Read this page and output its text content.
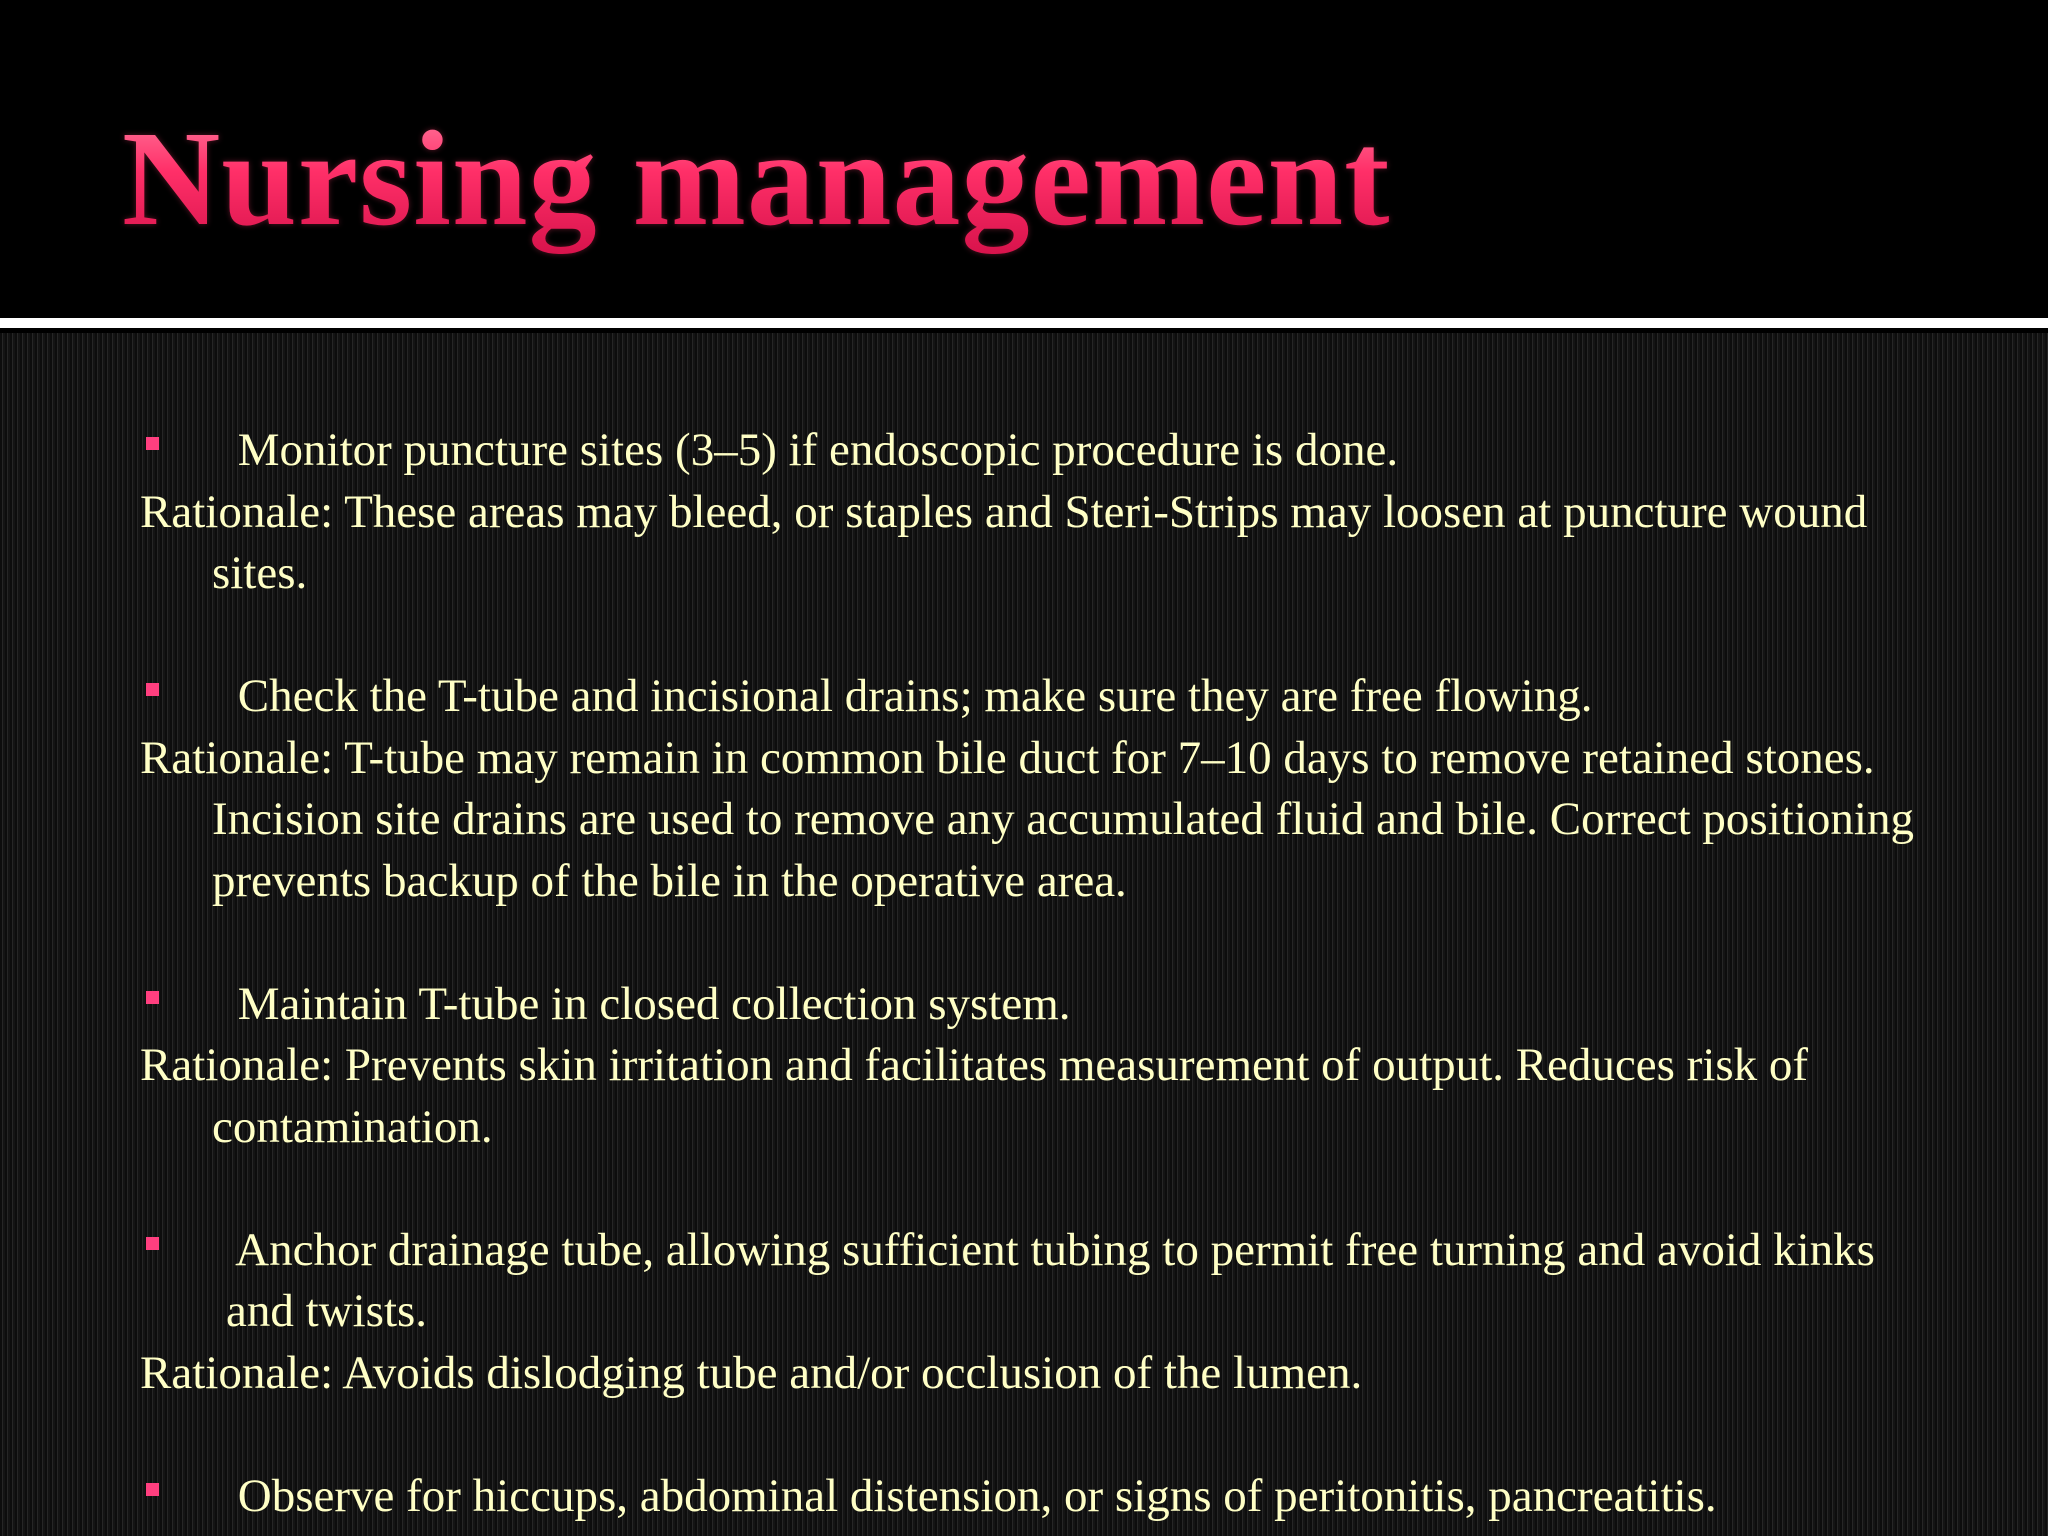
Nursing management
Monitor puncture sites (3–5) if endoscopic procedure is done.
Rationale: These areas may bleed, or staples and Steri-Strips may loosen at puncture wound sites.
Check the T-tube and incisional drains; make sure they are free flowing.
Rationale: T-tube may remain in common bile duct for 7–10 days to remove retained stones. Incision site drains are used to remove any accumulated fluid and bile. Correct positioning prevents backup of the bile in the operative area.
Maintain T-tube in closed collection system.
Rationale: Prevents skin irritation and facilitates measurement of output. Reduces risk of contamination.
Anchor drainage tube, allowing sufficient tubing to permit free turning and avoid kinks and twists.
Rationale: Avoids dislodging tube and/or occlusion of the lumen.
Observe for hiccups, abdominal distension, or signs of peritonitis, pancreatitis.
